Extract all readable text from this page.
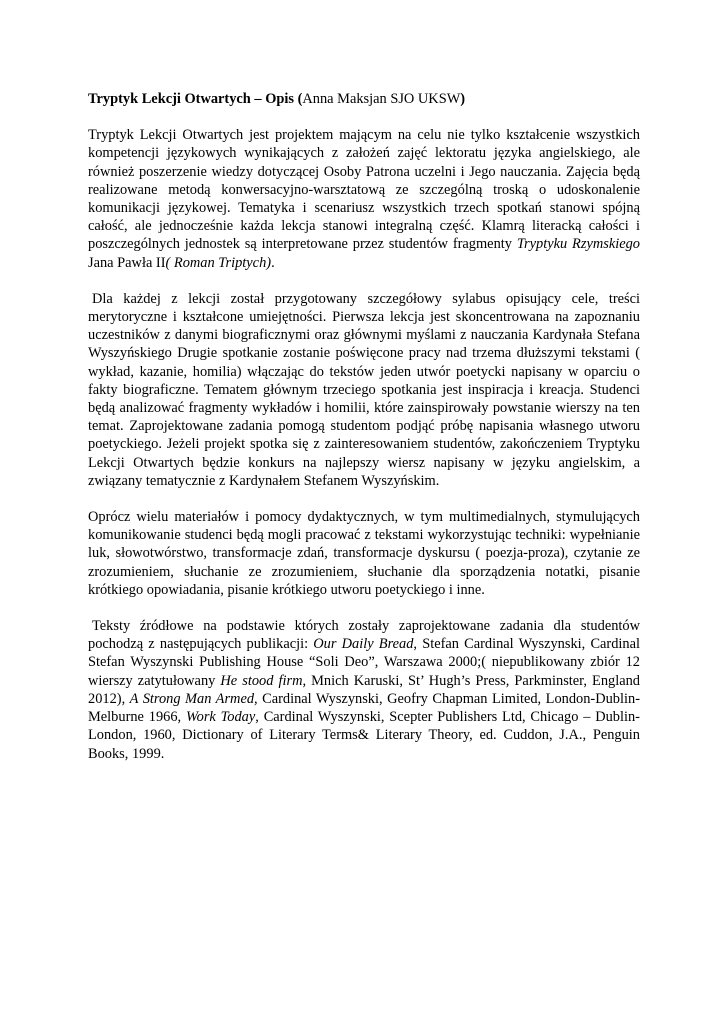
Tryptyk Lekcji Otwartych – Opis (Anna Maksjan SJO UKSW)

Tryptyk Lekcji Otwartych jest projektem mającym na celu nie tylko kształcenie wszystkich kompetencji językowych wynikających z założeń zajęć lektoratu języka angielskiego, ale również poszerzenie wiedzy dotyczącej Osoby Patrona uczelni i Jego nauczania. Zajęcia będą realizowane metodą konwersacyjno-warsztatową ze szczególną troską o udoskonalenie komunikacji językowej. Tematyka i scenariusz wszystkich trzech spotkań stanowi spójną całość, ale jednocześnie każda lekcja stanowi integralną część. Klamrą literacką całości i poszczególnych jednostek są interpretowane przez studentów fragmenty Tryptyku Rzymskiego Jana Pawła II( Roman Triptych).

Dla każdej z lekcji został przygotowany szczegółowy sylabus opisujący cele, treści merytoryczne i kształcone umiejętności. Pierwsza lekcja jest skoncentrowana na zapoznaniu uczestników z danymi biograficznymi oraz głównymi myślami z nauczania Kardynała Stefana Wyszyńskiego Drugie spotkanie zostanie poświęcone pracy nad trzema dłuższymi tekstami ( wykład, kazanie, homilia) włączając do tekstów jeden utwór poetycki napisany w oparciu o fakty biograficzne. Tematem głównym trzeciego spotkania jest inspiracja i kreacja. Studenci będą analizować fragmenty wykładów i homilii, które zainspirowały powstanie wierszy na ten temat. Zaprojektowane zadania pomogą studentom podjąć próbę napisania własnego utworu poetyckiego. Jeżeli projekt spotka się z zainteresowaniem studentów, zakończeniem Tryptyku Lekcji Otwartych będzie konkurs na najlepszy wiersz napisany w języku angielskim, a związany tematycznie z Kardynałem Stefanem Wyszyńskim.

Oprócz wielu materiałów i pomocy dydaktycznych, w tym multimedialnych, stymulujących komunikowanie studenci będą mogli pracować z tekstami wykorzystując techniki: wypełnianie luk, słowotwórstwo, transformacje zdań, transformacje dyskursu ( poezja-proza), czytanie ze zrozumieniem, słuchanie ze zrozumieniem, słuchanie dla sporządzenia notatki, pisanie krótkiego opowiadania, pisanie krótkiego utworu poetyckiego i inne.

Teksty źródłowe na podstawie których zostały zaprojektowane zadania dla studentów pochodzą z następujących publikacji: Our Daily Bread, Stefan Cardinal Wyszynski, Cardinal Stefan Wyszynski Publishing House “Soli Deo”, Warszawa 2000;( niepublikowany zbiór 12 wierszy zatytułowany He stood firm, Mnich Karuski, St’ Hugh’s Press, Parkminster, England 2012), A Strong Man Armed, Cardinal Wyszynski, Geofry Chapman Limited, London-Dublin-Melburne 1966, Work Today, Cardinal Wyszynski, Scepter Publishers Ltd, Chicago – Dublin-London, 1960, Dictionary of Literary Terms& Literary Theory, ed. Cuddon, J.A., Penguin Books, 1999.
